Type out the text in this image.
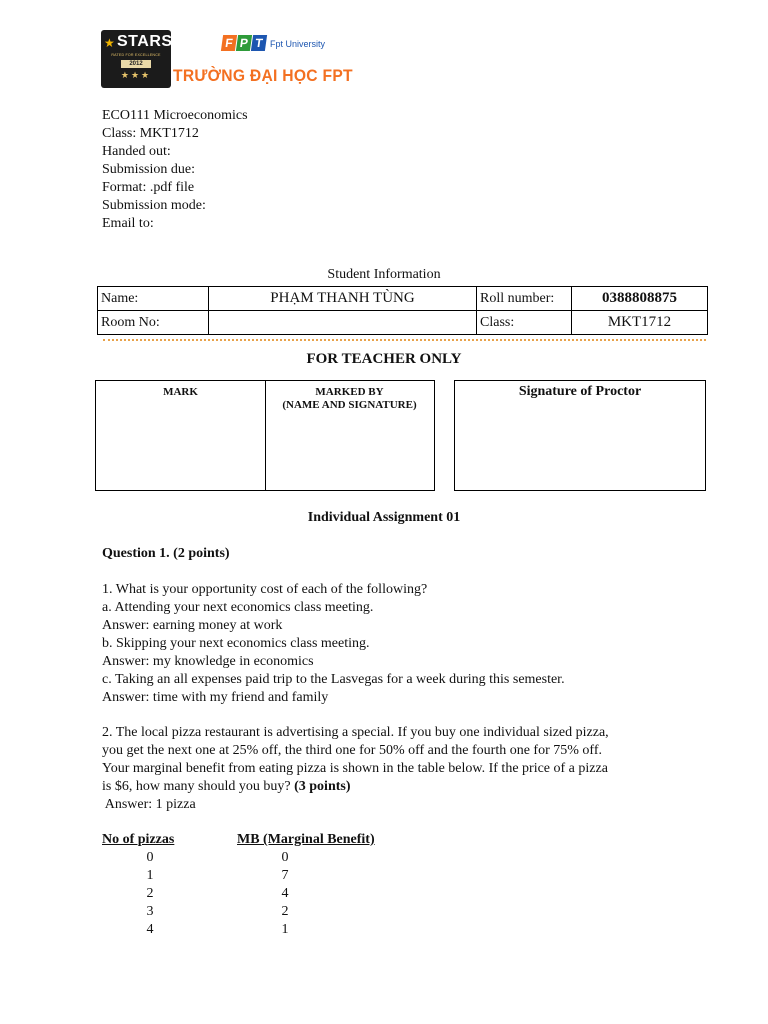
★ STARS
RATED FOR EXCELLENCE
2012
★★★
F P T Fpt University
TRƯỜNG ĐẠI HỌC FPT
ECO111 Microeconomics
Class: MKT1712
Handed out:
Submission due:
Format: .pdf file
Submission mode:
Email to:
Student Information
Name:	PHẠM THANH TÙNG	Roll number:	0388808875
Room No:		Class:	MKT1712
FOR TEACHER ONLY
MARK	MARKED BY
(NAME AND SIGNATURE)
Signature of Proctor
Individual Assignment 01
Question 1. (2 points)
1. What is your opportunity cost of each of the following?
a. Attending your next economics class meeting.
Answer: earning money at work
b. Skipping your next economics class meeting.
Answer: my knowledge in economics
c. Taking an all expenses paid trip to the Lasvegas for a week during this semester.
Answer: time with my friend and family
2. The local pizza restaurant is advertising a special. If you buy one individual sized pizza,
you get the next one at 25% off, the third one for 50% off and the fourth one for 75% off.
Your marginal benefit from eating pizza is shown in the table below. If the price of a pizza
is $6, how many should you buy? (3 points)
Answer: 1 pizza
No of pizzas	MB (Marginal Benefit)
0	0
1	7
2	4
3	2
4	1
